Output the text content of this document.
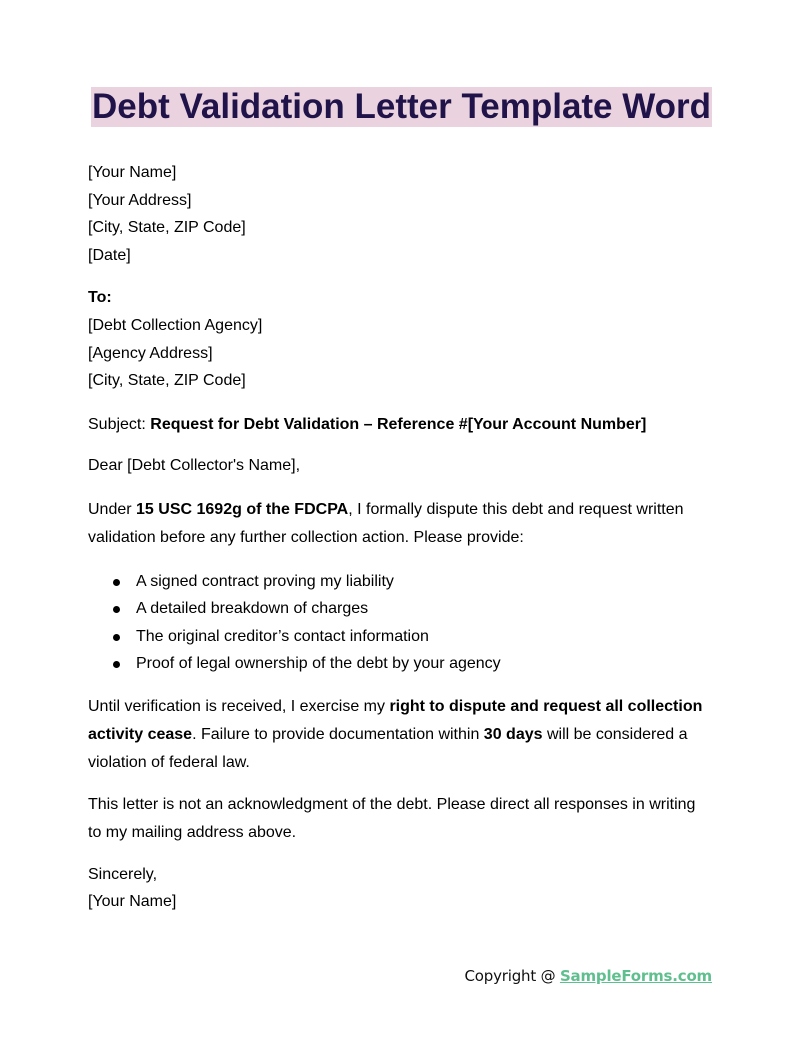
Debt Validation Letter Template Word

[Your Name]

[Your Address]

[City, State, ZIP Code]

[Date]

To:

[Debt Collection Agency]

[Agency Address]

[City, State, ZIP Code]

Subject: Request for Debt Validation – Reference #[Your Account Number]

Dear [Debt Collector's Name],

Under 15 USC 1692g of the FDCPA, I formally dispute this debt and request written validation before any further collection action. Please provide:

A signed contract proving my liability
A detailed breakdown of charges
The original creditor’s contact information
Proof of legal ownership of the debt by your agency

Until verification is received, I exercise my right to dispute and request all collection activity cease. Failure to provide documentation within 30 days will be considered a violation of federal law.

This letter is not an acknowledgment of the debt. Please direct all responses in writing to my mailing address above.

Sincerely,

[Your Name]

Copyright @ SampleForms.com
